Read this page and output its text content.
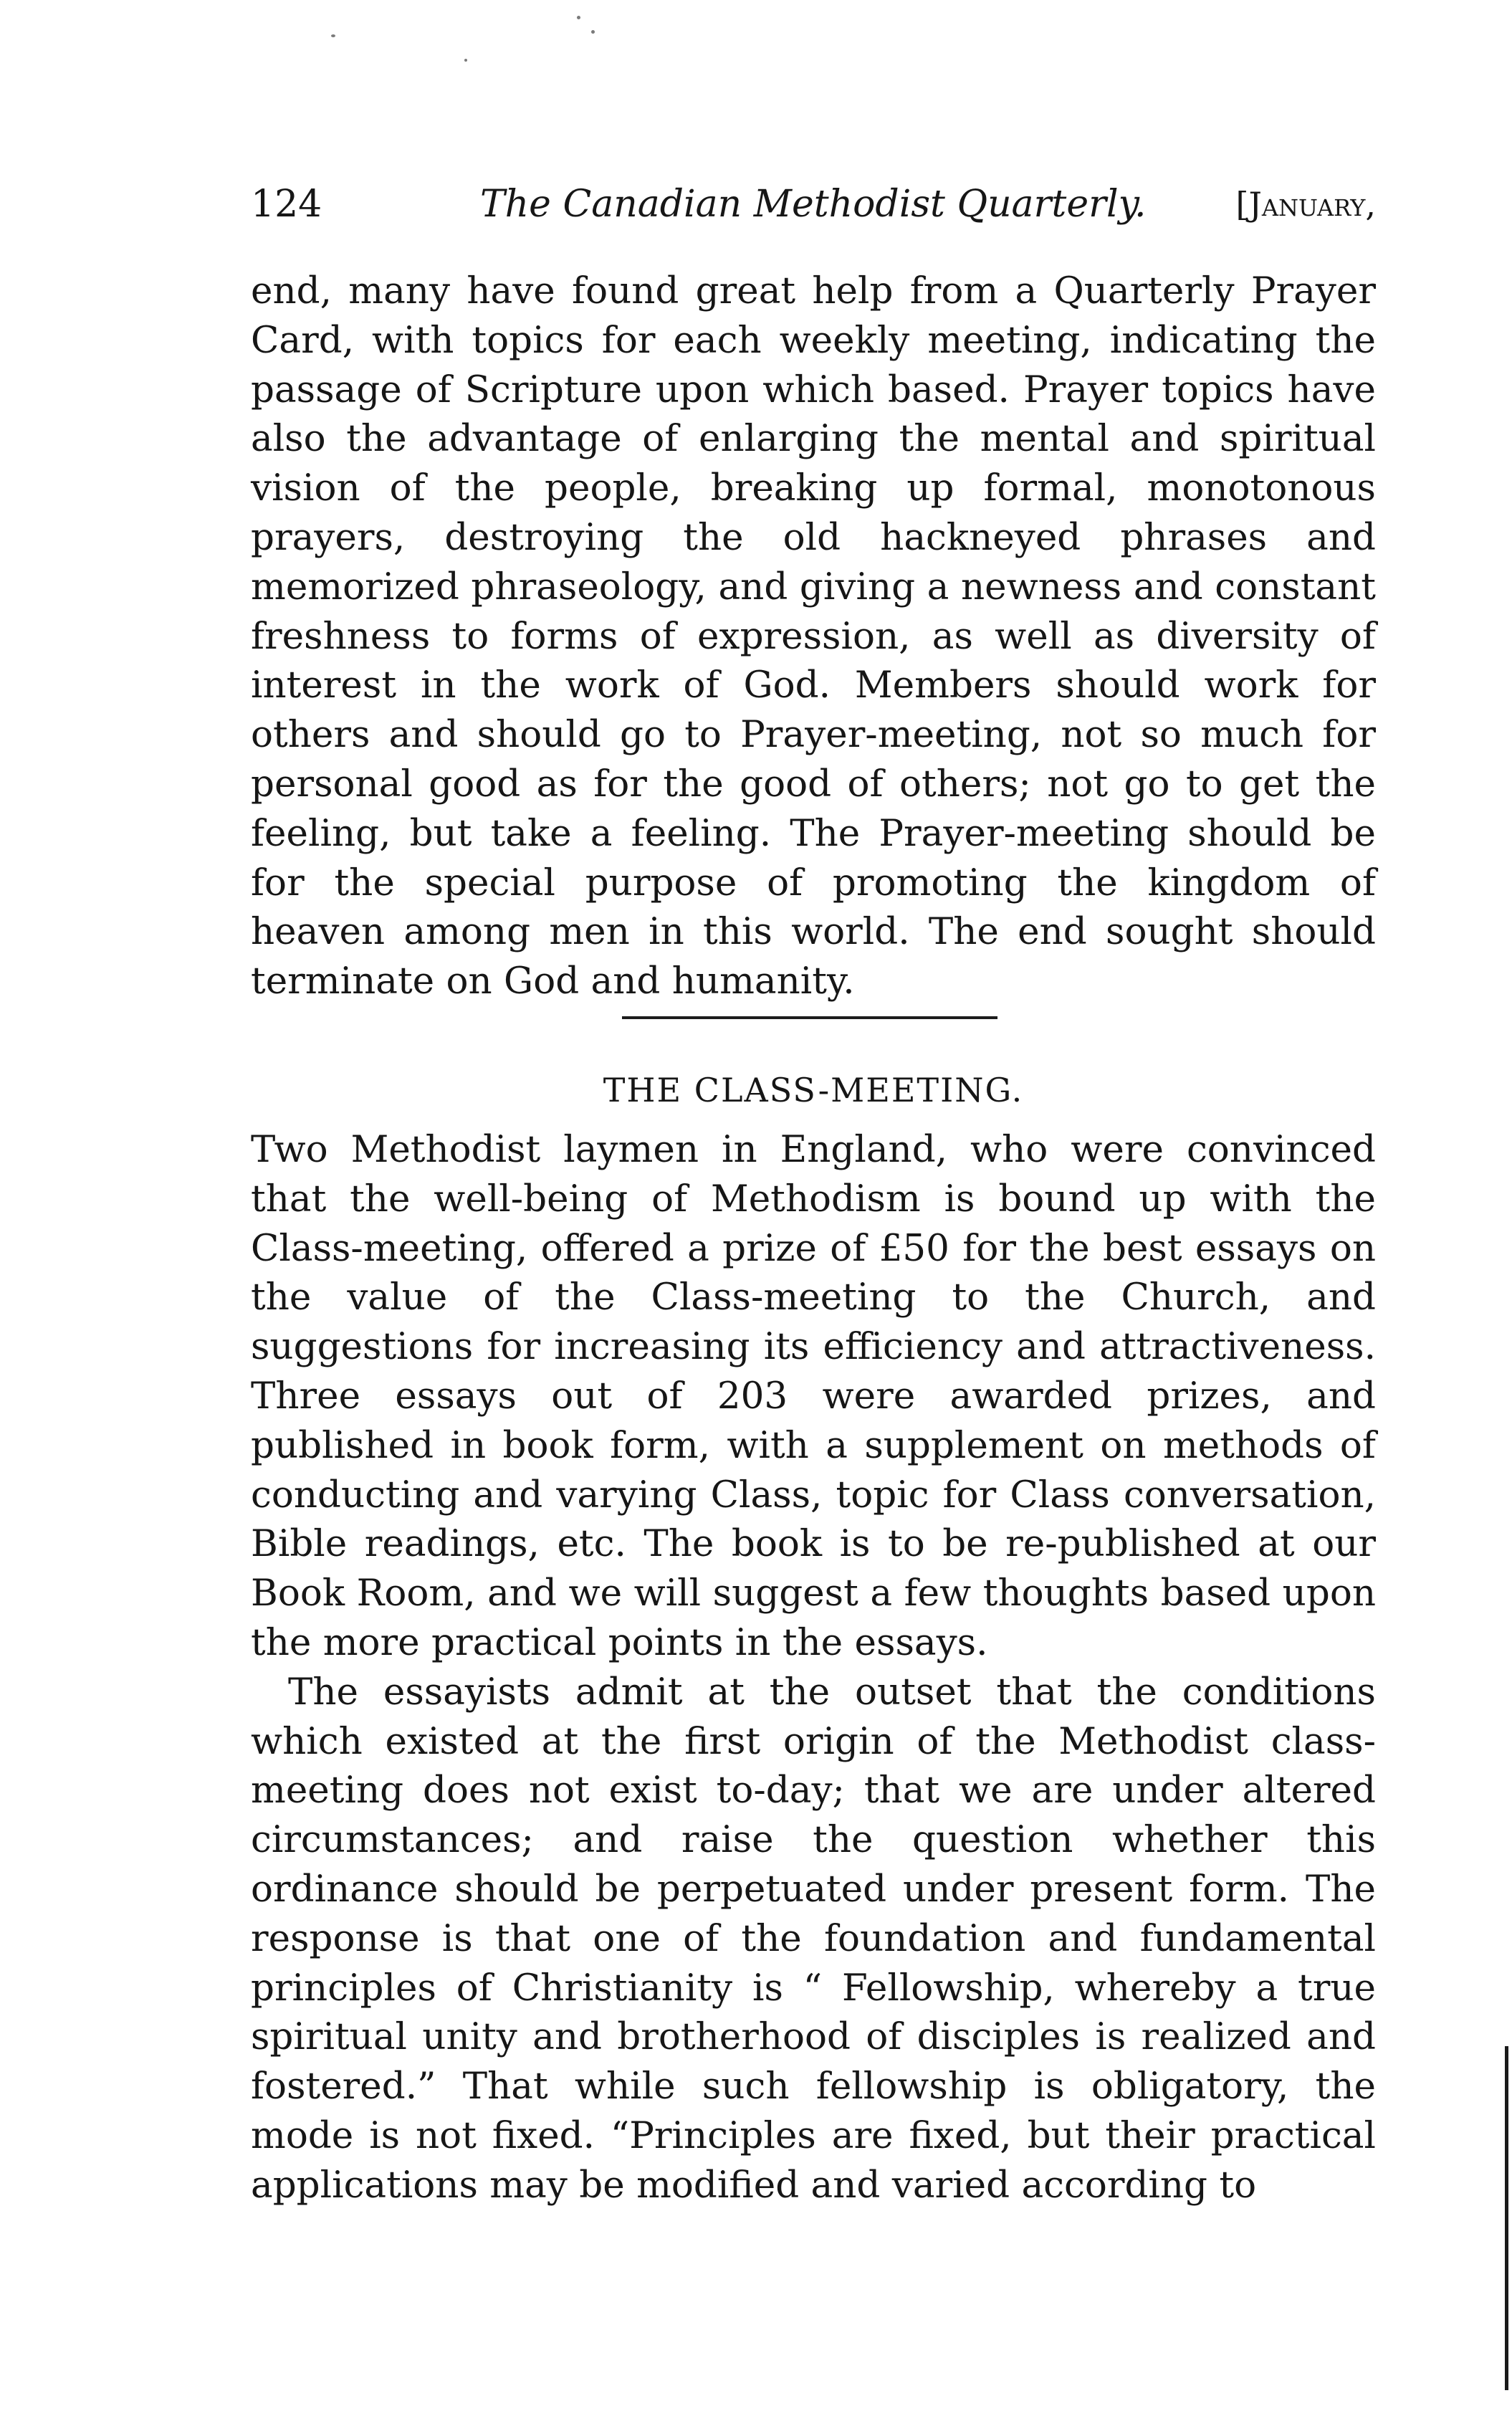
124	The Canadian Methodist Quarterly.	[January,

end, many have found great help from a Quarterly Prayer Card, with topics for each weekly meeting, indicating the passage of Scripture upon which based. Prayer topics have also the advantage of enlarging the mental and spiritual vision of the people, breaking up formal, monotonous prayers, destroying the old hackneyed phrases and memorized phraseology, and giving a newness and constant freshness to forms of expression, as well as diversity of interest in the work of God. Members should work for others and should go to Prayer-meeting, not so much for personal good as for the good of others; not go to get the feeling, but take a feeling. The Prayer-meeting should be for the special purpose of promoting the kingdom of heaven among men in this world. The end sought should terminate on God and humanity.

THE CLASS-MEETING.

Two Methodist laymen in England, who were convinced that the well-being of Methodism is bound up with the Class-meeting, offered a prize of £50 for the best essays on the value of the Class-meeting to the Church, and suggestions for increasing its efficiency and attractiveness. Three essays out of 203 were awarded prizes, and published in book form, with a supplement on methods of conducting and varying Class, topic for Class conversation, Bible readings, etc. The book is to be re-published at our Book Room, and we will suggest a few thoughts based upon the more practical points in the essays.

The essayists admit at the outset that the conditions which existed at the first origin of the Methodist class-meeting does not exist to-day; that we are under altered circumstances; and raise the question whether this ordinance should be perpetuated under present form. The response is that one of the foundation and fundamental principles of Christianity is “ Fellowship, whereby a true spiritual unity and brotherhood of disciples is realized and fostered.” That while such fellowship is obligatory, the mode is not fixed. “Principles are fixed, but their practical applications may be modified and varied according to
